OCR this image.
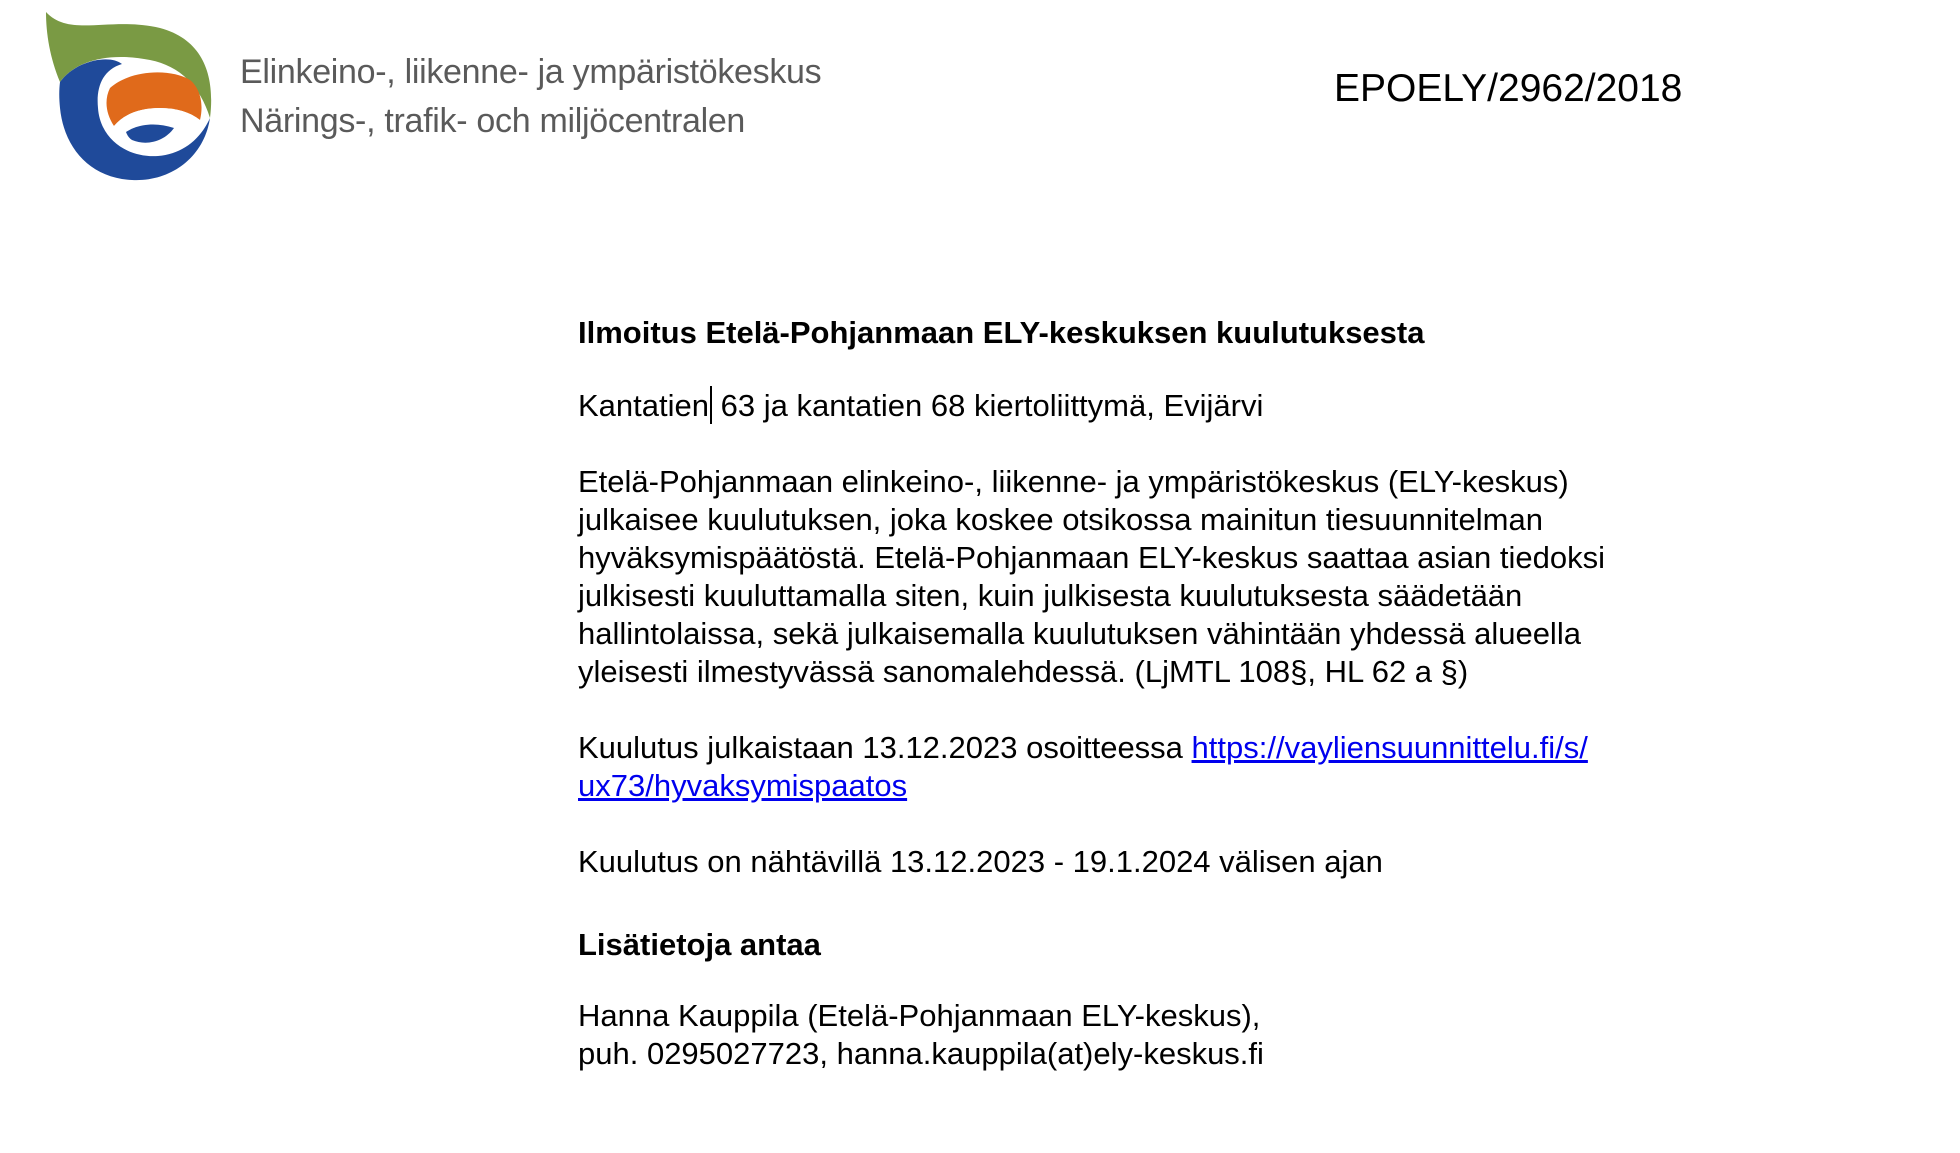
Elinkeino-, liikenne- ja ympäristökeskus
Närings-, trafik- och miljöcentralen
EPOELY/2962/2018
Ilmoitus Etelä-Pohjanmaan ELY-keskuksen kuulutuksesta
Kantatien 63 ja kantatien 68 kiertoliittymä, Evijärvi
Etelä-Pohjanmaan elinkeino-, liikenne- ja ympäristökeskus (ELY-keskus)
julkaisee kuulutuksen, joka koskee otsikossa mainitun tiesuunnitelman
hyväksymispäätöstä. Etelä-Pohjanmaan ELY-keskus saattaa asian tiedoksi
julkisesti kuuluttamalla siten, kuin julkisesta kuulutuksesta säädetään
hallintolaissa, sekä julkaisemalla kuulutuksen vähintään yhdessä alueella
yleisesti ilmestyvässä sanomalehdessä. (LjMTL 108§, HL 62 a §)
Kuulutus julkaistaan 13.12.2023 osoitteessa https://vayliensuunnittelu.fi/s/
ux73/hyvaksymispaatos
Kuulutus on nähtävillä 13.12.2023 - 19.1.2024 välisen ajan
Lisätietoja antaa
Hanna Kauppila (Etelä-Pohjanmaan ELY-keskus),
puh. 0295027723, hanna.kauppila(at)ely-keskus.fi
